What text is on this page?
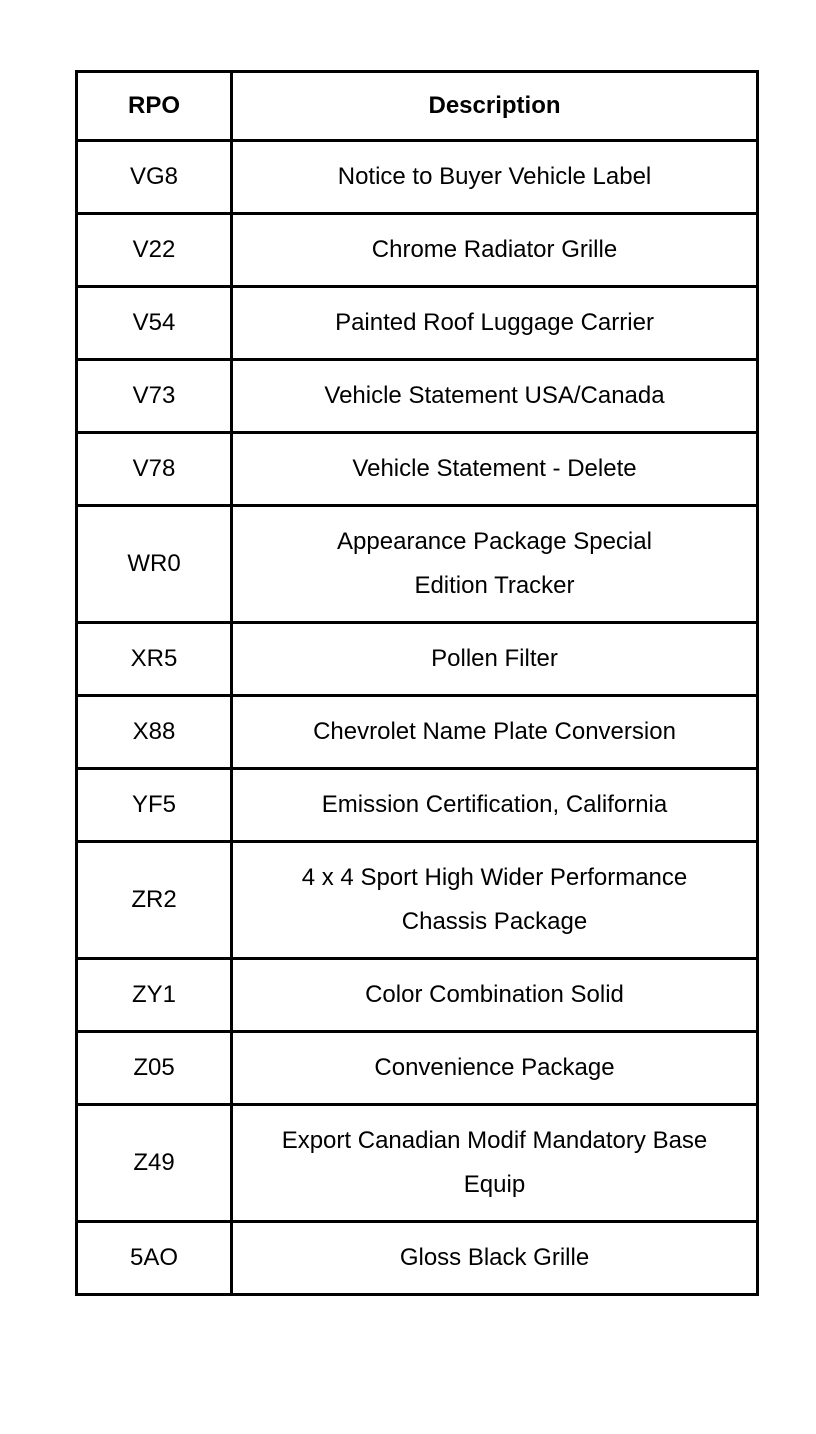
RPO	Description
VG8	Notice to Buyer Vehicle Label
V22	Chrome Radiator Grille
V54	Painted Roof Luggage Carrier
V73	Vehicle Statement USA/Canada
V78	Vehicle Statement - Delete
WR0	Appearance Package Special Edition Tracker
XR5	Pollen Filter
X88	Chevrolet Name Plate Conversion
YF5	Emission Certification, California
ZR2	4 x 4 Sport High Wider Performance Chassis Package
ZY1	Color Combination Solid
Z05	Convenience Package
Z49	Export Canadian Modif Mandatory Base Equip
5AO	Gloss Black Grille
